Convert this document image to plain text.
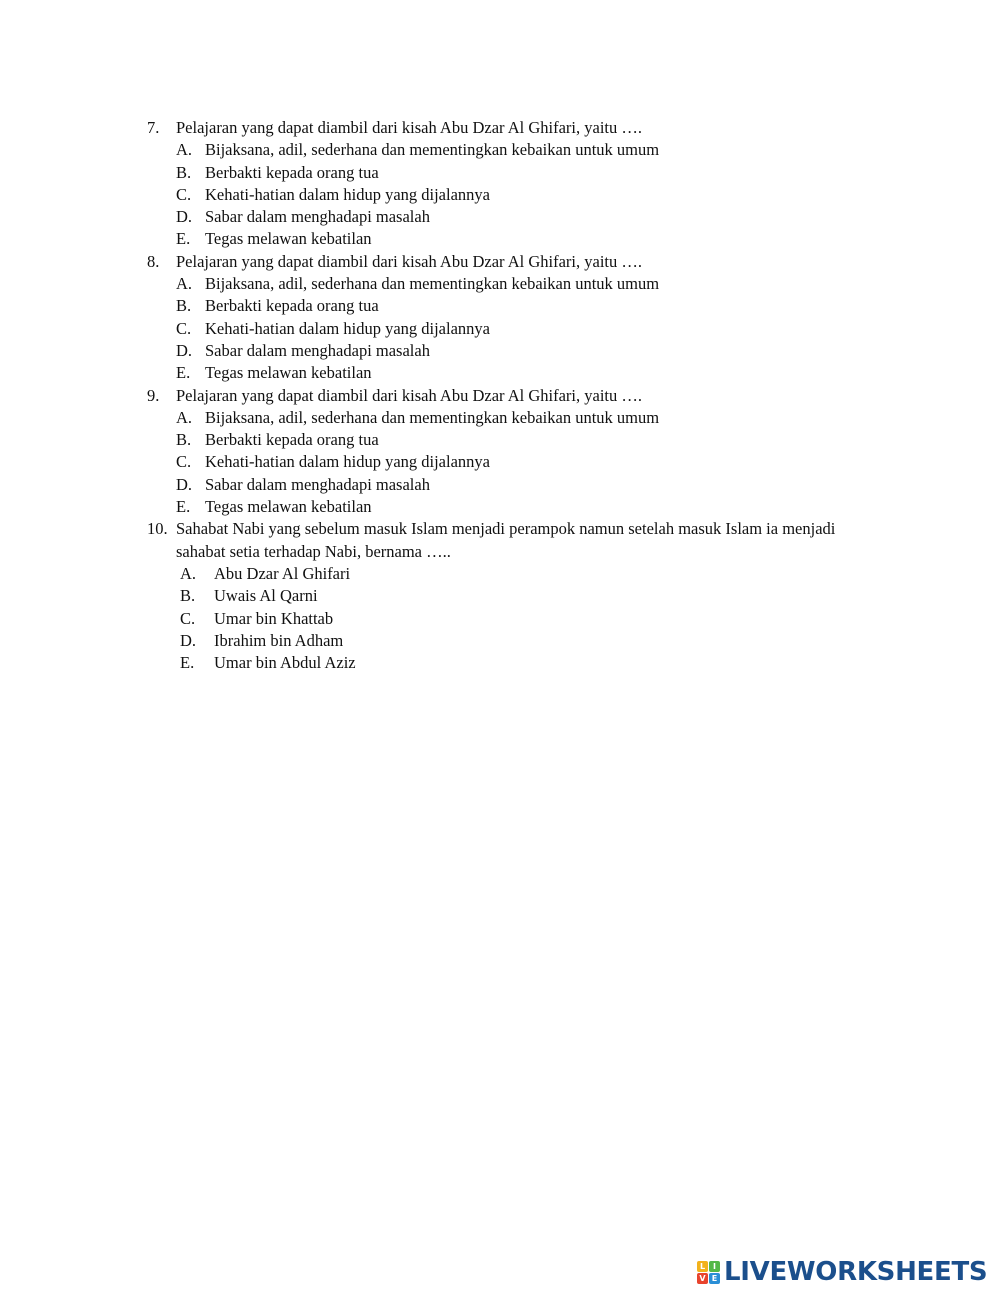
7. Pelajaran yang dapat diambil dari kisah Abu Dzar Al Ghifari, yaitu ….
A. Bijaksana, adil, sederhana dan mementingkan kebaikan untuk umum
B. Berbakti kepada orang tua
C. Kehati-hatian dalam hidup yang dijalannya
D. Sabar dalam menghadapi masalah
E. Tegas melawan kebatilan
8. Pelajaran yang dapat diambil dari kisah Abu Dzar Al Ghifari, yaitu ….
A. Bijaksana, adil, sederhana dan mementingkan kebaikan untuk umum
B. Berbakti kepada orang tua
C. Kehati-hatian dalam hidup yang dijalannya
D. Sabar dalam menghadapi masalah
E. Tegas melawan kebatilan
9. Pelajaran yang dapat diambil dari kisah Abu Dzar Al Ghifari, yaitu ….
A. Bijaksana, adil, sederhana dan mementingkan kebaikan untuk umum
B. Berbakti kepada orang tua
C. Kehati-hatian dalam hidup yang dijalannya
D. Sabar dalam menghadapi masalah
E. Tegas melawan kebatilan
10. Sahabat Nabi yang sebelum masuk Islam menjadi perampok namun setelah masuk Islam ia menjadi sahabat setia terhadap Nabi, bernama …..
A. Abu Dzar Al Ghifari
B. Uwais Al Qarni
C. Umar bin Khattab
D. Ibrahim bin Adham
E. Umar bin Abdul Aziz
L I
V E LIVEWORKSHEETS
